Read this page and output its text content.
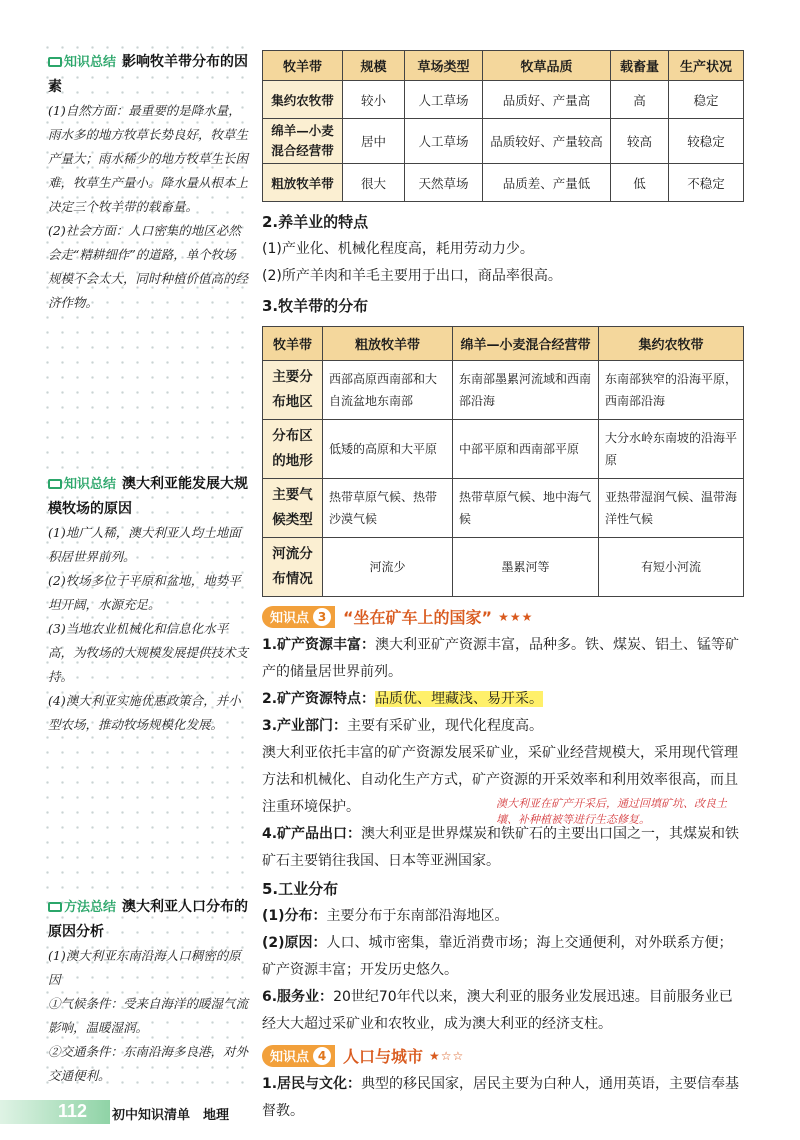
知识总结 影响牧羊带分布的因素

(1)自然方面：最重要的是降水量，雨水多的地方牧草长势良好，牧草生产量大；雨水稀少的地方牧草生长困难，牧草生产量小。降水量从根本上决定三个牧羊带的载畜量。

(2)社会方面：人口密集的地区必然会走“精耕细作”的道路，单个牧场规模不会太大，同时种植价值高的经济作物。

知识总结 澳大利亚能发展大规模牧场的原因

(1)地广人稀，澳大利亚人均土地面积居世界前列。

(2)牧场多位于平原和盆地，地势平坦开阔，水源充足。

(3)当地农业机械化和信息化水平高，为牧场的大规模发展提供技术支持。

(4)澳大利亚实施优惠政策合，并小型农场，推动牧场规模化发展。

方法总结 澳大利亚人口分布的原因分析

(1)澳大利亚东南沿海人口稠密的原因

①气候条件：受来自海洋的暖湿气流影响，温暖湿润。

②交通条件：东南沿海多良港，对外交通便利。

牧羊带	规模	草场类型	牧草品质	载畜量	生产状况
集约农牧带	较小	人工草场	品质好、产量高	高	稳定
绵羊—小麦混合经营带	居中	人工草场	品质较好、产量较高	较高	较稳定
粗放牧羊带	很大	天然草场	品质差、产量低	低	不稳定
2.养羊业的特点
(1)产业化、机械化程度高，耗用劳动力少。
(2)所产羊肉和羊毛主要用于出口，商品率很高。
3.牧羊带的分布
牧羊带	粗放牧羊带	绵羊—小麦混合经营带	集约农牧带
主要分布地区	西部高原西南部和大自流盆地东南部	东南部墨累河流域和西南部沿海	东南部狭窄的沿海平原，西南部沿海
分布区的地形	低矮的高原和大平原	中部平原和西南部平原	大分水岭东南坡的沿海平原
主要气候类型	热带草原气候、热带沙漠气候	热带草原气候、地中海气候	亚热带湿润气候、温带海洋性气候
河流分布情况	河流少	墨累河等	有短小河流
知识点 3	“坐在矿车上的国家” ★★★
1.矿产资源丰富：澳大利亚矿产资源丰富，品种多。铁、煤炭、铝土、锰等矿产的储量居世界前列。
2.矿产资源特点：品质优、埋藏浅、易开采。
3.产业部门：主要有采矿业，现代化程度高。
澳大利亚依托丰富的矿产资源发展采矿业，采矿业经营规模大，采用现代管理方法和机械化、自动化生产方式，矿产资源的开采效率和利用效率很高，而且注重环境保护。	澳大利亚在矿产开采后，通过回填矿坑、改良土壤、补种植被等进行生态修复。
4.矿产品出口：澳大利亚是世界煤炭和铁矿石的主要出口国之一，其煤炭和铁矿石主要销往我国、日本等亚洲国家。
5.工业分布
(1)分布：主要分布于东南部沿海地区。
(2)原因：人口、城市密集，靠近消费市场；海上交通便利，对外联系方便；矿产资源丰富；开发历史悠久。
6.服务业：20世纪70年代以来，澳大利亚的服务业发展迅速。目前服务业已经大大超过采矿业和农牧业，成为澳大利亚的经济支柱。
知识点 4	人口与城市 ★☆☆
1.居民与文化：典型的移民国家，居民主要为白种人，通用英语，主要信奉基督教。
112 初中知识清单　地理
